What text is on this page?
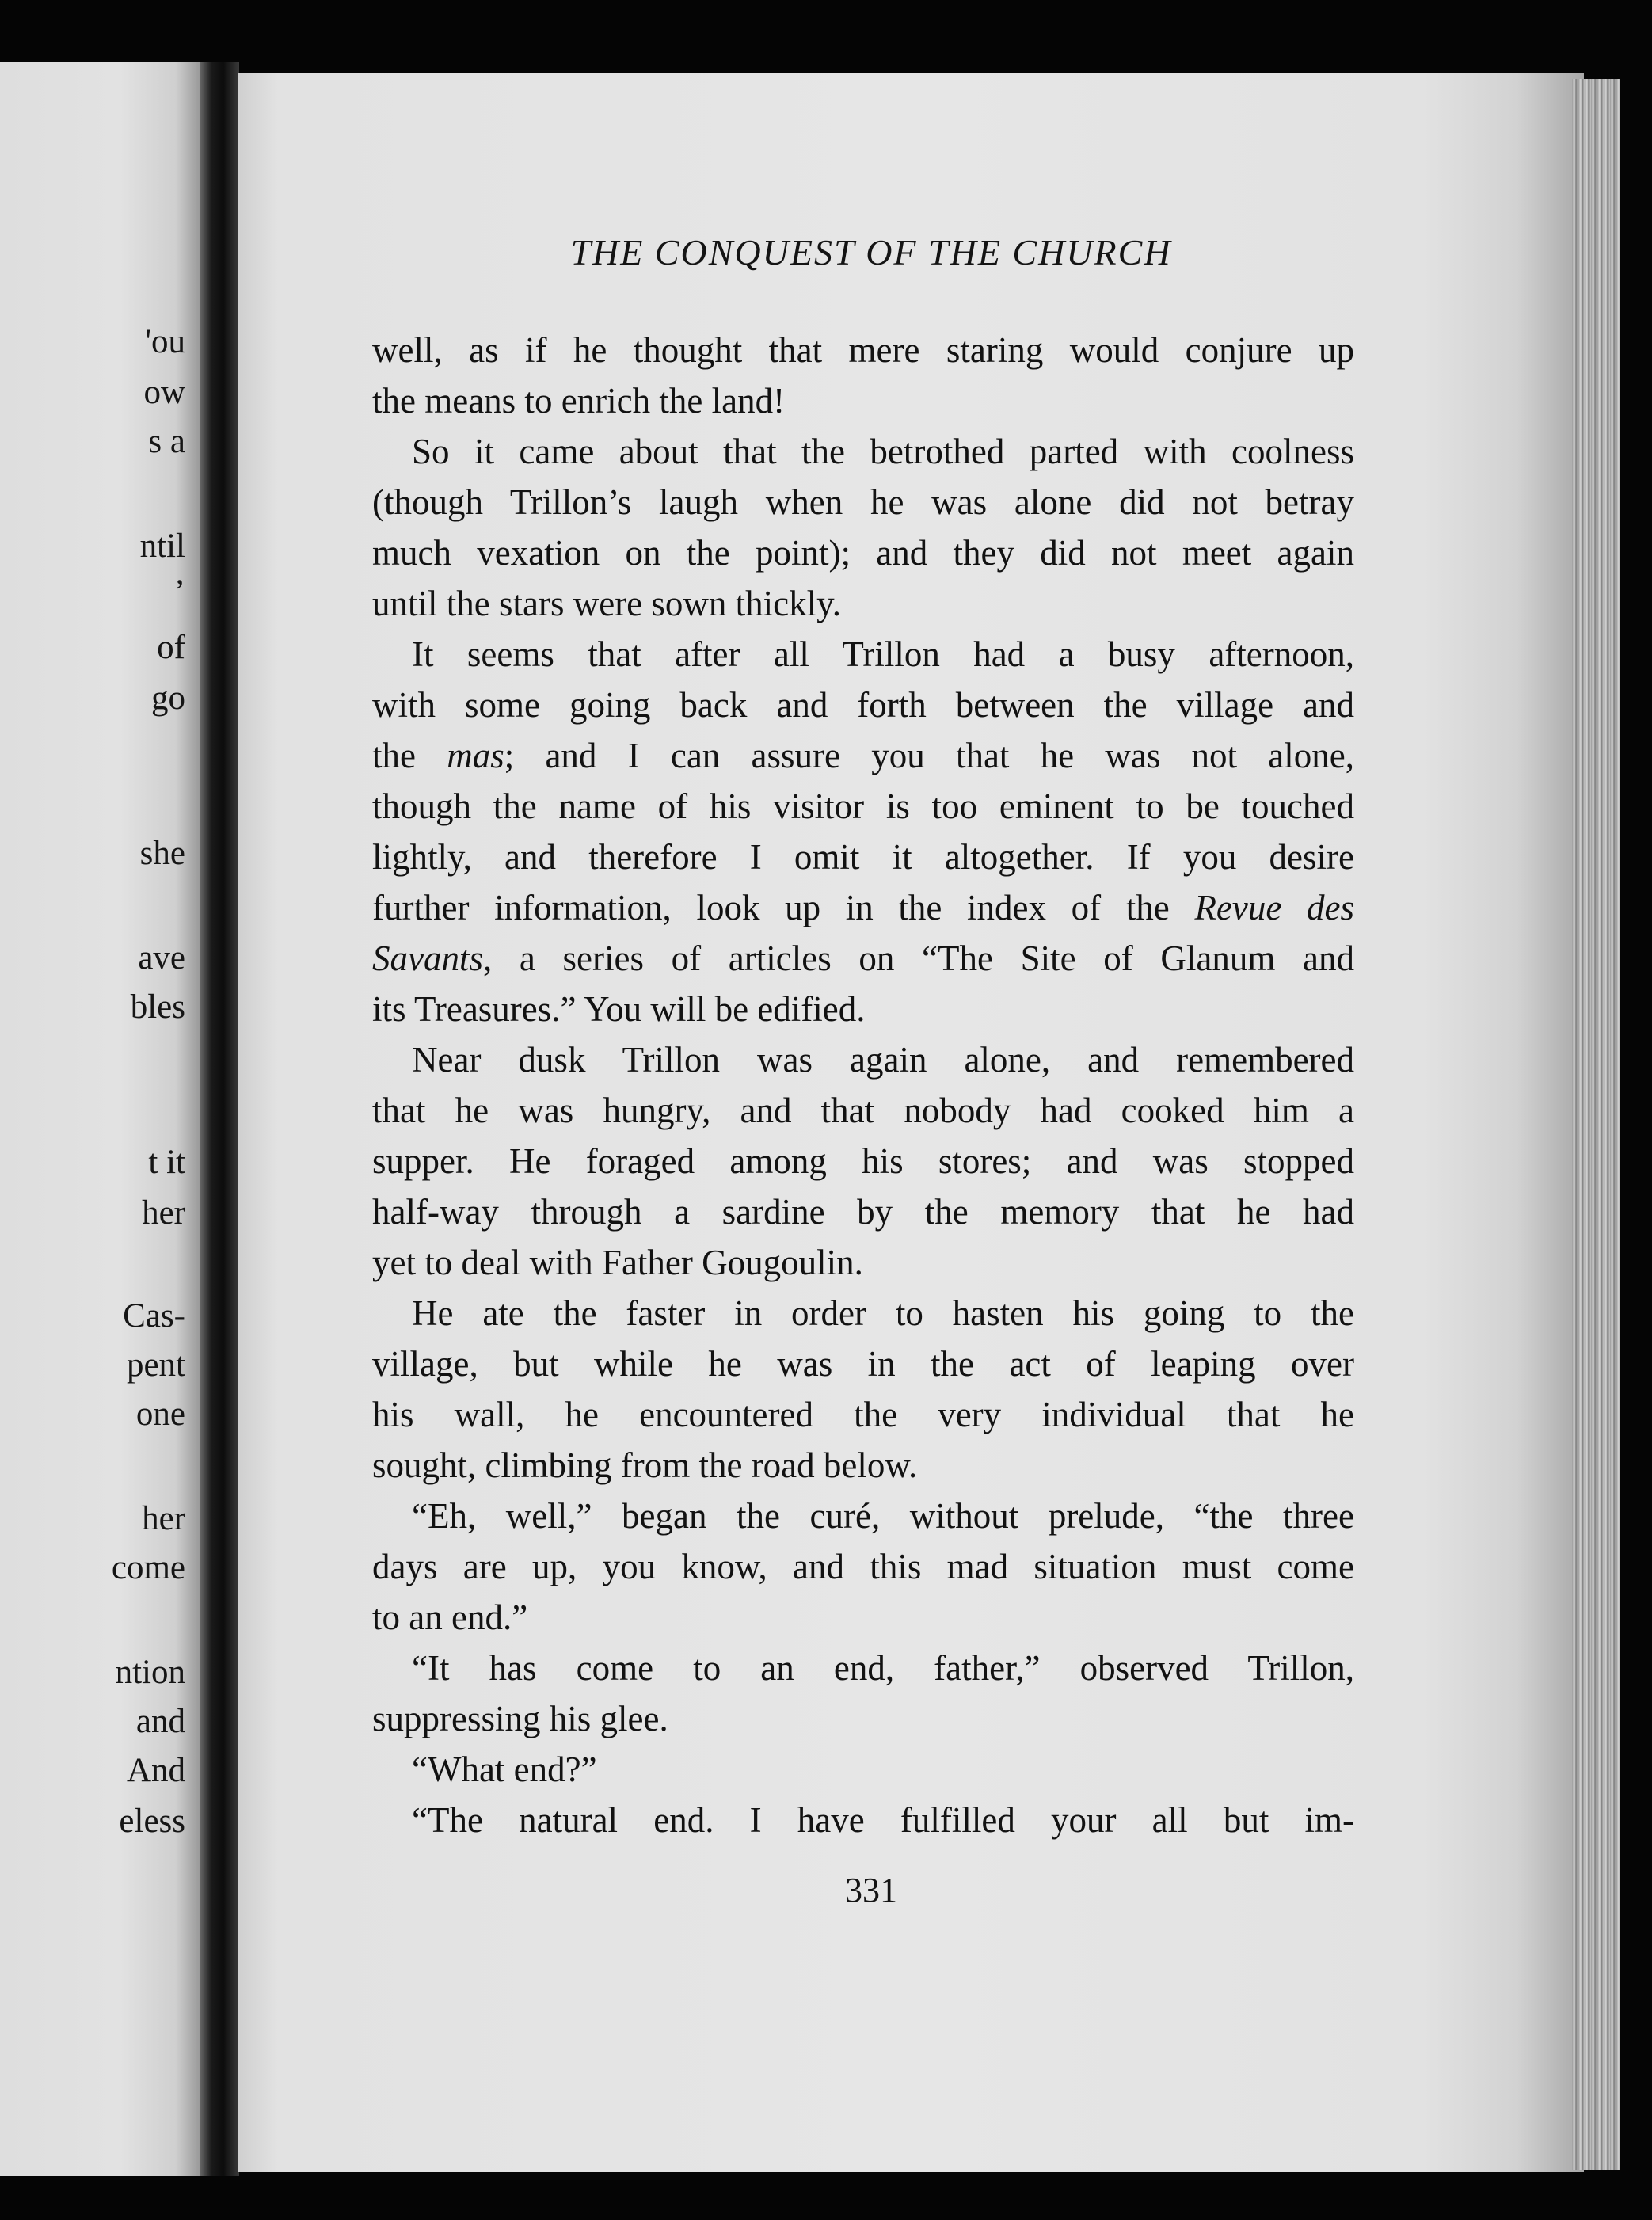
'ou
ow
s a
ntil
’
of
go
she
ave
bles
t it
her
Cas-
pent
one
her
come
ntion
and
And
eless
THE CONQUEST OF THE CHURCH
well, as if he thought that mere staring would conjure up
the means to enrich the land!
So it came about that the betrothed parted with coolness
(though Trillon’s laugh when he was alone did not betray
much vexation on the point); and they did not meet again
until the stars were sown thickly.
It seems that after all Trillon had a busy afternoon,
with some going back and forth between the village and
the mas; and I can assure you that he was not alone,
though the name of his visitor is too eminent to be touched
lightly, and therefore I omit it altogether. If you desire
further information, look up in the index of the Revue des
Savants, a series of articles on “The Site of Glanum and
its Treasures.” You will be edified.
Near dusk Trillon was again alone, and remembered
that he was hungry, and that nobody had cooked him a
supper. He foraged among his stores; and was stopped
half-way through a sardine by the memory that he had
yet to deal with Father Gougoulin.
He ate the faster in order to hasten his going to the
village, but while he was in the act of leaping over
his wall, he encountered the very individual that he
sought, climbing from the road below.
“Eh, well,” began the curé, without prelude, “the three
days are up, you know, and this mad situation must come
to an end.”
“It has come to an end, father,” observed Trillon,
suppressing his glee.
“What end?”
“The natural end. I have fulfilled your all but im-
331
